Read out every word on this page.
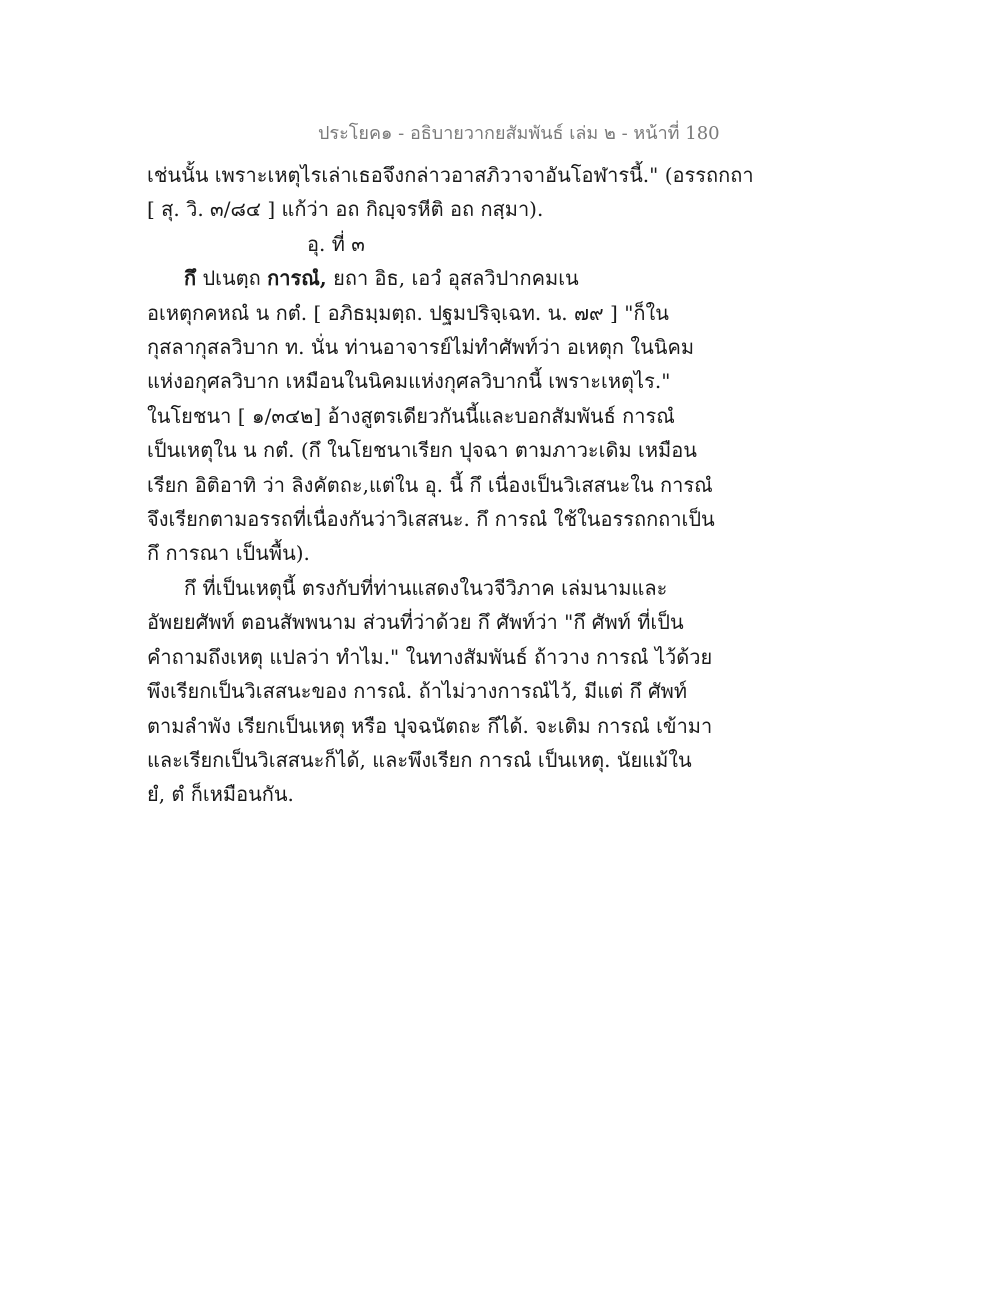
ประโยค๑ - อธิบายวากยสัมพันธ์ เล่ม ๒ - หน้าที่ 180
เช่นนั้น เพราะเหตุไรเล่าเธอจึงกล่าวอาสภิวาจาอันโอฬารนี้." (อรรถกถา
[ สุ. วิ. ๓/๘๔ ] แก้ว่า อถ กิญฺจรหีติ อถ กสฺมา).
อุ. ที่ ๓
กึ ปเนตฺถ การณํ, ยถา อิธ, เอวํ อุสลวิปากคมเน
อเหตุกคหณํ น กตํ. [ อภิธมฺมตฺถ. ปฐมปริจฺเฉท. น. ๗๙ ] "ก็ใน
กุสลากุสลวิบาก ท. นั่น ท่านอาจารย์ไม่ทำศัพท์ว่า อเหตุก ในนิคม
แห่งอกุศลวิบาก เหมือนในนิคมแห่งกุศลวิบากนี้ เพราะเหตุไร."
ในโยชนา [ ๑/๓๔๒] อ้างสูตรเดียวกันนี้และบอกสัมพันธ์ การณํ
เป็นเหตุใน น กตํ. (กึ ในโยชนาเรียก ปุจฉา ตามภาวะเดิม เหมือน
เรียก อิติอาทิ ว่า ลิงคัตถะ,แต่ใน อุ. นี้ กึ เนื่องเป็นวิเสสนะใน การณํ
จึงเรียกตามอรรถที่เนื่องกันว่าวิเสสนะ. กึ การณํ ใช้ในอรรถกถาเป็น
กึ การณา เป็นพื้น).
กึ ที่เป็นเหตุนี้ ตรงกับที่ท่านแสดงในวจีวิภาค เล่มนามและ
อัพยยศัพท์ ตอนสัพพนาม ส่วนที่ว่าด้วย กึ ศัพท์ว่า "กึ ศัพท์ ที่เป็น
คำถามถึงเหตุ แปลว่า ทำไม." ในทางสัมพันธ์ ถ้าวาง การณํ ไว้ด้วย
พึงเรียกเป็นวิเสสนะของ การณํ. ถ้าไม่วางการณํไว้, มีแต่ กึ ศัพท์
ตามลำพัง เรียกเป็นเหตุ หรือ ปุจฉนัตถะ กึได้. จะเติม การณํ เข้ามา
และเรียกเป็นวิเสสนะก็ได้, และพึงเรียก การณํ เป็นเหตุ. นัยแม้ใน
ยํ, ตํ ก็เหมือนกัน.
